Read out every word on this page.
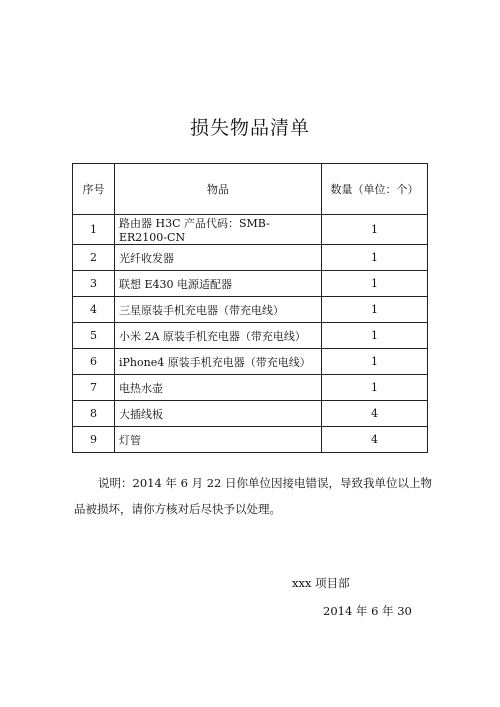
损失物品清单
序号	物品	数量（单位：个）
1	路由器 H3C 产品代码：SMB-ER2100-CN	1
2	光纤收发器	1
3	联想 E430 电源适配器	1
4	三星原装手机充电器（带充电线）	1
5	小米 2A 原装手机充电器（带充电线）	1
6	iPhone4 原装手机充电器（带充电线）	1
7	电热水壶	1
8	大插线板	4
9	灯管	4
说明：2014 年 6 月 22 日你单位因接电错误，导致我单位以上物品被损坏，请你方核对后尽快予以处理。
xxx 项目部
2014 年 6 年 30
